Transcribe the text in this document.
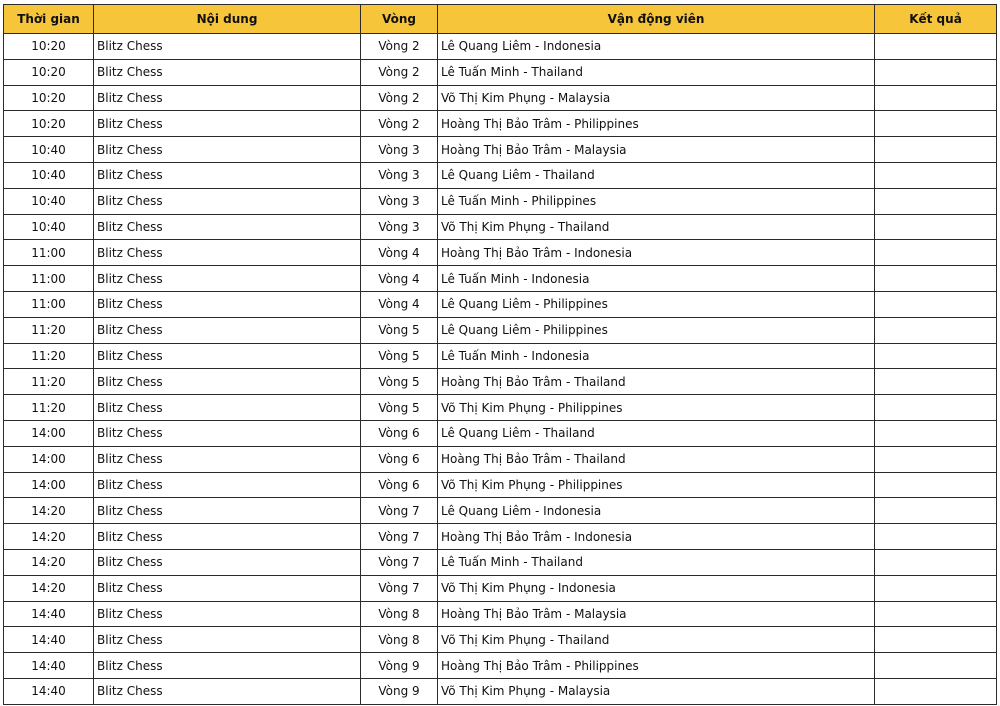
Thời gian	Nội dung	Vòng	Vận động viên	Kết quả
10:20	Blitz Chess	Vòng 2	Lê Quang Liêm - Indonesia	
10:20	Blitz Chess	Vòng 2	Lê Tuấn Minh - Thailand	
10:20	Blitz Chess	Vòng 2	Võ Thị Kim Phụng - Malaysia	
10:20	Blitz Chess	Vòng 2	Hoàng Thị Bảo Trâm - Philippines	
10:40	Blitz Chess	Vòng 3	Hoàng Thị Bảo Trâm - Malaysia	
10:40	Blitz Chess	Vòng 3	Lê Quang Liêm - Thailand	
10:40	Blitz Chess	Vòng 3	Lê Tuấn Minh - Philippines	
10:40	Blitz Chess	Vòng 3	Võ Thị Kim Phụng - Thailand	
11:00	Blitz Chess	Vòng 4	Hoàng Thị Bảo Trâm - Indonesia	
11:00	Blitz Chess	Vòng 4	Lê Tuấn Minh - Indonesia	
11:00	Blitz Chess	Vòng 4	Lê Quang Liêm - Philippines	
11:20	Blitz Chess	Vòng 5	Lê Quang Liêm - Philippines	
11:20	Blitz Chess	Vòng 5	Lê Tuấn Minh - Indonesia	
11:20	Blitz Chess	Vòng 5	Hoàng Thị Bảo Trâm - Thailand	
11:20	Blitz Chess	Vòng 5	Võ Thị Kim Phụng - Philippines	
14:00	Blitz Chess	Vòng 6	Lê Quang Liêm - Thailand	
14:00	Blitz Chess	Vòng 6	Hoàng Thị Bảo Trâm - Thailand	
14:00	Blitz Chess	Vòng 6	Võ Thị Kim Phụng - Philippines	
14:20	Blitz Chess	Vòng 7	Lê Quang Liêm - Indonesia	
14:20	Blitz Chess	Vòng 7	Hoàng Thị Bảo Trâm - Indonesia	
14:20	Blitz Chess	Vòng 7	Lê Tuấn Minh - Thailand	
14:20	Blitz Chess	Vòng 7	Võ Thị Kim Phụng - Indonesia	
14:40	Blitz Chess	Vòng 8	Hoàng Thị Bảo Trâm - Malaysia	
14:40	Blitz Chess	Vòng 8	Võ Thị Kim Phụng - Thailand	
14:40	Blitz Chess	Vòng 9	Hoàng Thị Bảo Trâm - Philippines	
14:40	Blitz Chess	Vòng 9	Võ Thị Kim Phụng - Malaysia	
